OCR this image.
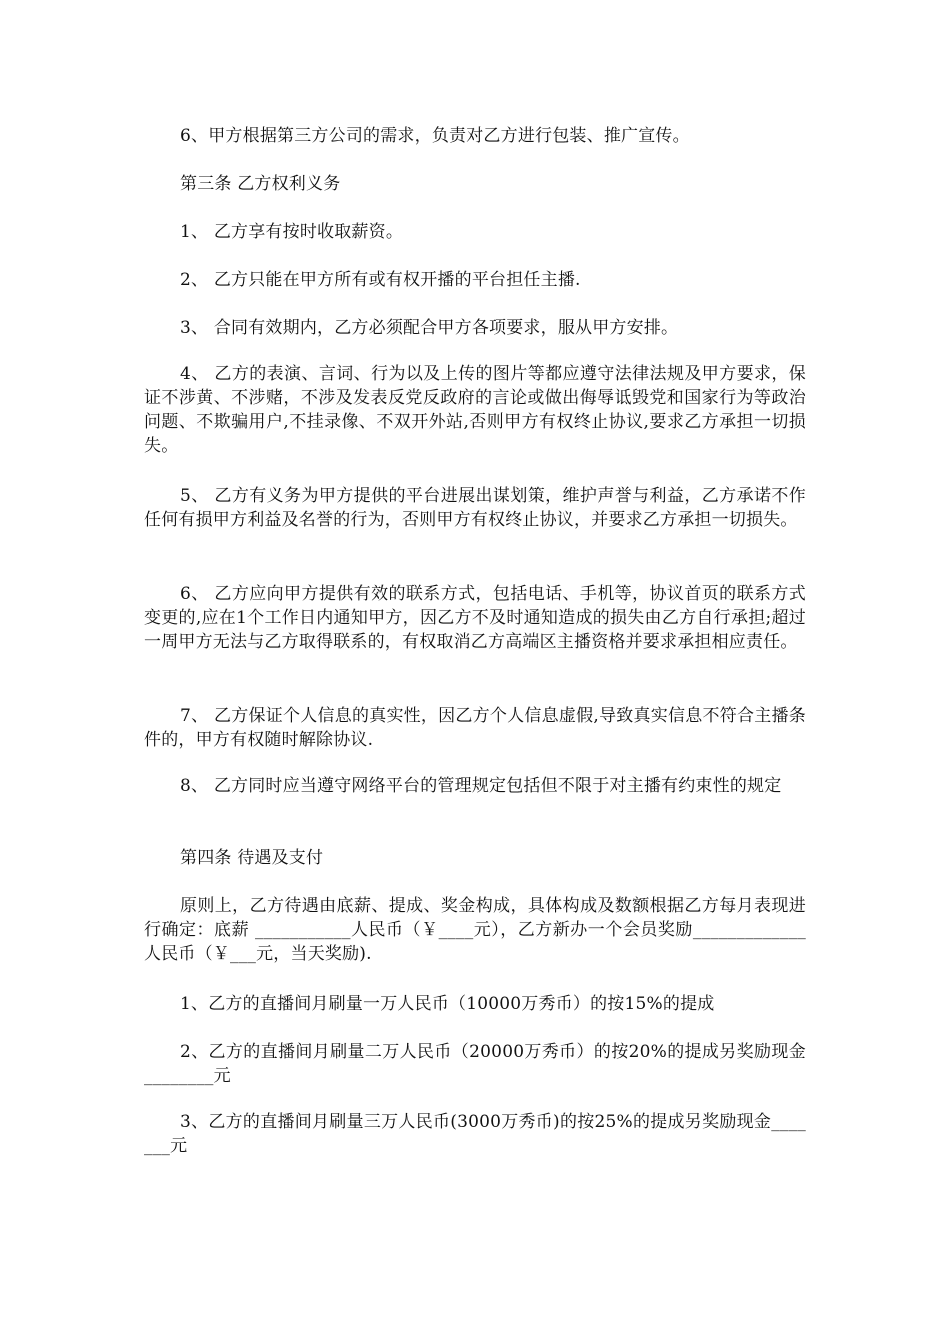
6、甲方根据第三方公司的需求，负责对乙方进行包装、推广宣传。

第三条 乙方权利义务

1、 乙方享有按时收取薪资。

2、 乙方只能在甲方所有或有权开播的平台担任主播.

3、 合同有效期内，乙方必须配合甲方各项要求，服从甲方安排。

4、 乙方的表演、言词、行为以及上传的图片等都应遵守法律法规及甲方要求，保证不涉黄、不涉赌，不涉及发表反党反政府的言论或做出侮辱诋毁党和国家行为等政治问题、不欺骗用户,不挂录像、不双开外站,否则甲方有权终止协议,要求乙方承担一切损失。

5、 乙方有义务为甲方提供的平台进展出谋划策，维护声誉与利益，乙方承诺不作任何有损甲方利益及名誉的行为，否则甲方有权终止协议，并要求乙方承担一切损失。

6、 乙方应向甲方提供有效的联系方式，包括电话、手机等，协议首页的联系方式变更的,应在1个工作日内通知甲方，因乙方不及时通知造成的损失由乙方自行承担;超过一周甲方无法与乙方取得联系的，有权取消乙方高端区主播资格并要求承担相应责任。

7、 乙方保证个人信息的真实性，因乙方个人信息虚假,导致真实信息不符合主播条件的，甲方有权随时解除协议.

8、 乙方同时应当遵守网络平台的管理规定包括但不限于对主播有约束性的规定

第四条 待遇及支付

原则上，乙方待遇由底薪、提成、奖金构成，具体构成及数额根据乙方每月表现进行确定：底薪 ___________人民币（￥____元），乙方新办一个会员奖励_____________人民币（￥___元，当天奖励).

1、乙方的直播间月刷量一万人民币（10000万秀币）的按15%的提成

2、乙方的直播间月刷量二万人民币（20000万秀币）的按20%的提成另奖励现金________元

3、乙方的直播间月刷量三万人民币(3000万秀币)的按25%的提成另奖励现金_______元
